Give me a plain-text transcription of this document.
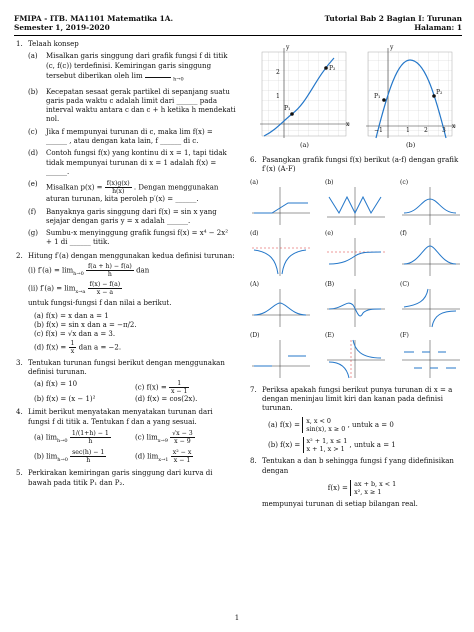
FMIPA - ITB. MA1101 Matematika 1A.
Semester 1, 2019-2020
Tutorial Bab 2 Bagian I: Turunan
Halaman: 1
1. Telaah konsep
(a) Misalkan garis singgung dari grafik fungsi f di titik (c, f(c)) terdefinisi. Kemiringan garis singgung tersebut diberikan oleh lim	$_{h\to 0}$
(b) Kecepatan sesaat gerak partikel di sepanjang suatu garis pada waktu c adalah limit dari ______ pada interval waktu antara c dan c + h ketika h mendekati nol.
(c) Jika f mempunyai turunan di c, maka lim f(x) = ______ , atau dengan kata lain, f ______ di c.
(d) Contoh fungsi f(x) yang kontinu di x = 1, tapi tidak tidak mempunyai turunan di x = 1 adalah f(x) = ______.
(e) Misalkan $p(x) = \frac{f(x)g(x)}{h(x)}$ . Dengan menggunakan aturan turunan, kita peroleh p′(x) = ______.
(f) Banyaknya garis singgung dari f(x) = sin x yang sejajar dengan garis y = x adalah ______.
(g) Sumbu-x menyinggung grafik fungsi f(x) = x⁴ − 2x² + 1 di ______ titik.
2. Hitung f′(a) dengan menggunakan kedua definisi turunan:
(i) $f'(a) = \lim_{h\to 0} \frac{f(a + h) - f(a)}{h}$ dan
(ii) $f'(a) = \lim_{x\to a} \frac{f(x) - f(a)}{x - a}$
untuk fungsi-fungsi f dan nilai a berikut.
(a) f(x) = x dan a = 1
(b) f(x) = sin x dan a = −π/2.
(c) f(x) = √x dan a = 3.
(d) $f(x) = \frac{1}{x}$ dan a = −2.
3. Tentukan turunan fungsi berikut dengan menggunakan definisi turunan.
(a) f(x) = 10	(c) $f(x) = \frac{1}{x - 1}$
(b) f(x) = (x − 1)²	(d) f(x) = cos(2x).
4. Limit berikut menyatakan menyatakan turunan dari fungsi f di titik a. Tentukan f dan a yang sesuai.
(a) $\lim_{h\to 0} \frac{1/(1+h) - 1}{h}$	(c) $\lim_{x\to 9} \frac{√x - 3}{x - 9}$
(b) $\lim_{h\to 0} \frac{\sec(h) - 1}{h}$	(d) $\lim_{x\to 1} \frac{\text{x² − x}}{x - 1}$
5. Perkirakan kemiringan garis singgung dari kurva di bawah pada titik P₁ dan P₂.
y
x
2
1
P₁
P₂
(a)
y
x
−1	1 2 3
P₁
P₂
(b)
6. Pasangkan grafik fungsi f(x) berikut (a-f) dengan grafik f′(x) (A-F)
(a)	(b)	(c)
(d)	(e)	(f)
(A)	(B)	(C)
(D)	(E)	(F)
7. Periksa apakah fungsi berikut punya turunan di x = a dengan meninjau limit kiri dan kanan pada definisi turunan.
(a) f(x) = x, x < 0
sin(x), x ≥ 0 , untuk a = 0
(b) f(x) = x² + 1, x ≤ 1
x + 1, x > 1 , untuk a = 1
8. Tentukan a dan b sehingga fungsi f yang didefinisikan dengan
f(x) = ax + b, x < 1
x², x ≥ 1
mempunyai turunan di setiap bilangan real.
1
